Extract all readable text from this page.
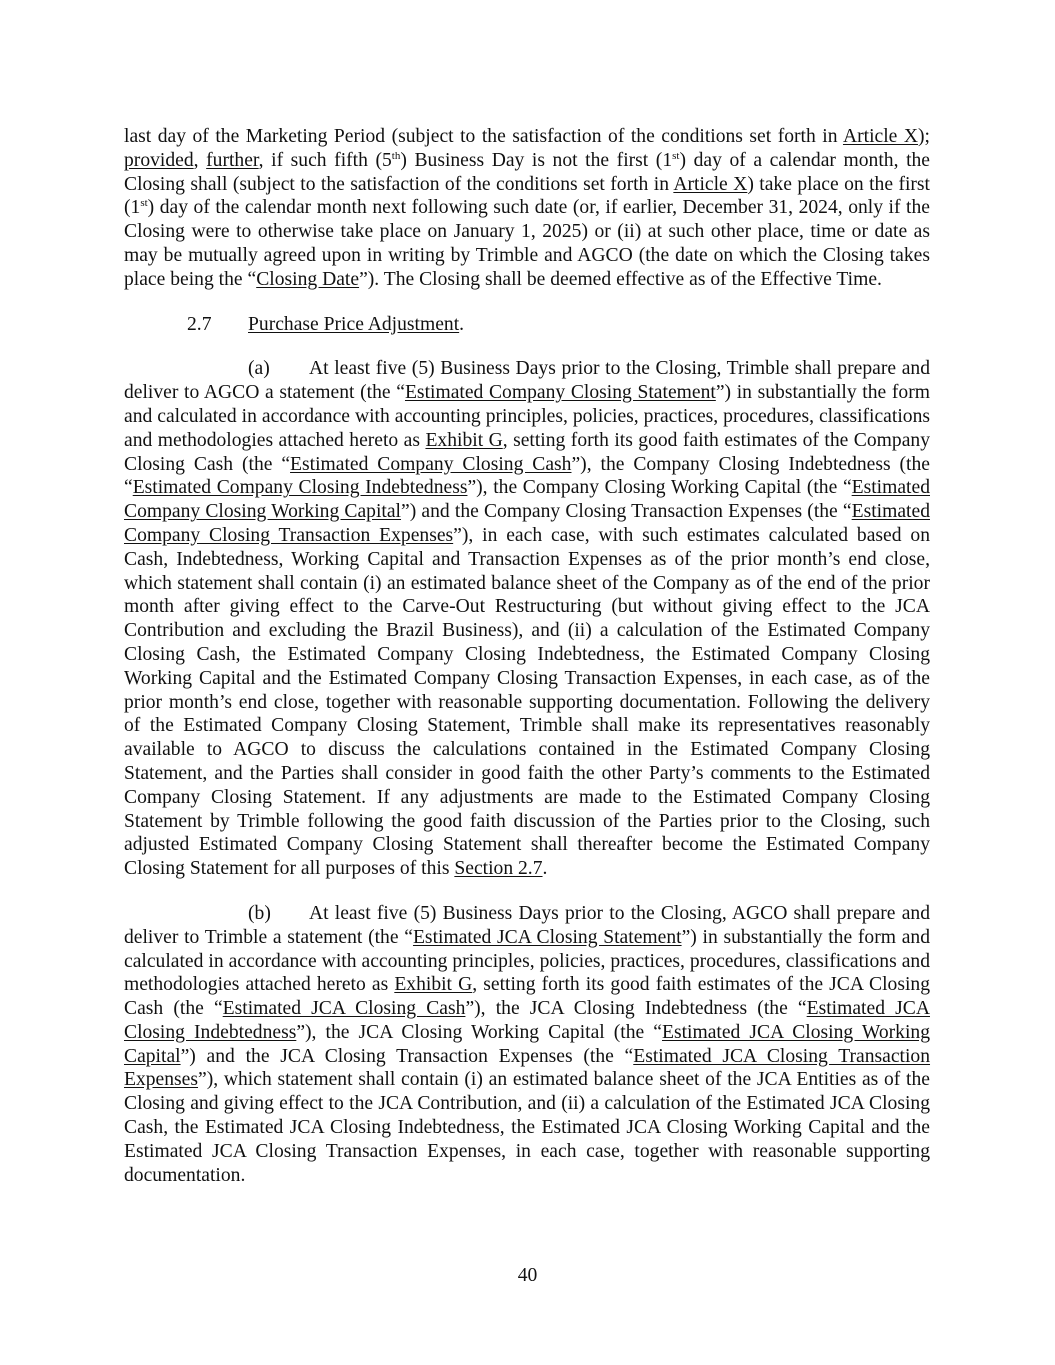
last day of the Marketing Period (subject to the satisfaction of the conditions set forth in Article X); provided, further, if such fifth (5th) Business Day is not the first (1st) day of a calendar month, the Closing shall (subject to the satisfaction of the conditions set forth in Article X) take place on the first (1st) day of the calendar month next following such date (or, if earlier, December 31, 2024, only if the Closing were to otherwise take place on January 1, 2025) or (ii) at such other place, time or date as may be mutually agreed upon in writing by Trimble and AGCO (the date on which the Closing takes place being the “Closing Date”). The Closing shall be deemed effective as of the Effective Time.

2.7 Purchase Price Adjustment.

(a) At least five (5) Business Days prior to the Closing, Trimble shall prepare and deliver to AGCO a statement (the “Estimated Company Closing Statement”) in substantially the form and calculated in accordance with accounting principles, policies, practices, procedures, classifications and methodologies attached hereto as Exhibit G, setting forth its good faith estimates of the Company Closing Cash (the “Estimated Company Closing Cash”), the Company Closing Indebtedness (the “Estimated Company Closing Indebtedness”), the Company Closing Working Capital (the “Estimated Company Closing Working Capital”) and the Company Closing Transaction Expenses (the “Estimated Company Closing Transaction Expenses”), in each case, with such estimates calculated based on Cash, Indebtedness, Working Capital and Transaction Expenses as of the prior month’s end close, which statement shall contain (i) an estimated balance sheet of the Company as of the end of the prior month after giving effect to the Carve-Out Restructuring (but without giving effect to the JCA Contribution and excluding the Brazil Business), and (ii) a calculation of the Estimated Company Closing Cash, the Estimated Company Closing Indebtedness, the Estimated Company Closing Working Capital and the Estimated Company Closing Transaction Expenses, in each case, as of the prior month’s end close, together with reasonable supporting documentation. Following the delivery of the Estimated Company Closing Statement, Trimble shall make its representatives reasonably available to AGCO to discuss the calculations contained in the Estimated Company Closing Statement, and the Parties shall consider in good faith the other Party’s comments to the Estimated Company Closing Statement. If any adjustments are made to the Estimated Company Closing Statement by Trimble following the good faith discussion of the Parties prior to the Closing, such adjusted Estimated Company Closing Statement shall thereafter become the Estimated Company Closing Statement for all purposes of this Section 2.7.

(b) At least five (5) Business Days prior to the Closing, AGCO shall prepare and deliver to Trimble a statement (the “Estimated JCA Closing Statement”) in substantially the form and calculated in accordance with accounting principles, policies, practices, procedures, classifications and methodologies attached hereto as Exhibit G, setting forth its good faith estimates of the JCA Closing Cash (the “Estimated JCA Closing Cash”), the JCA Closing Indebtedness (the “Estimated JCA Closing Indebtedness”), the JCA Closing Working Capital (the “Estimated JCA Closing Working Capital”) and the JCA Closing Transaction Expenses (the “Estimated JCA Closing Transaction Expenses”), which statement shall contain (i) an estimated balance sheet of the JCA Entities as of the Closing and giving effect to the JCA Contribution, and (ii) a calculation of the Estimated JCA Closing Cash, the Estimated JCA Closing Indebtedness, the Estimated JCA Closing Working Capital and the Estimated JCA Closing Transaction Expenses, in each case, together with reasonable supporting documentation.

40
